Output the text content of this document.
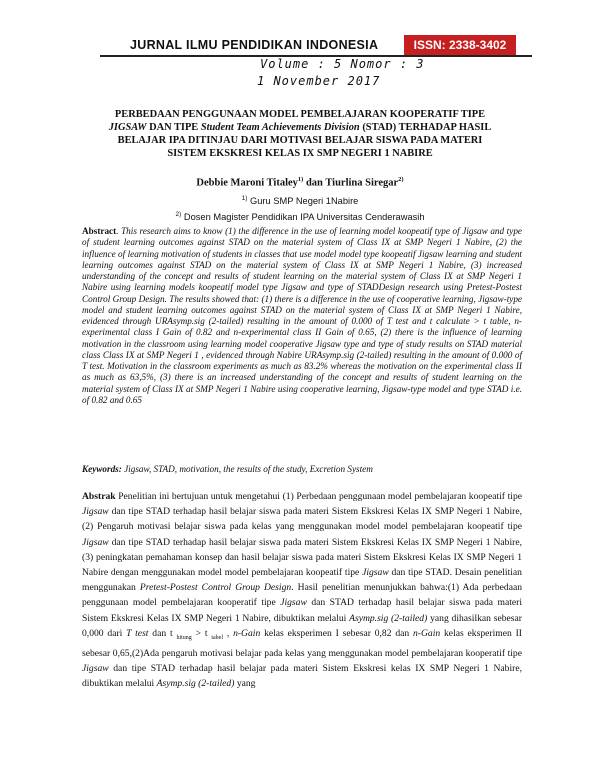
JURNAL ILMU PENDIDIKAN INDONESIA	ISSN: 2338-3402
Volume : 5 Nomor : 3
1 November 2017
PERBEDAAN PENGGUNAAN MODEL PEMBELAJARAN KOOPERATIF TIPE
JIGSAW DAN TIPE Student Team Achievements Division (STAD) TERHADAP HASIL
BELAJAR IPA DITINJAU DARI MOTIVASI BELAJAR SISWA PADA MATERI
SISTEM EKSKRESI KELAS IX SMP NEGERI 1 NABIRE
Debbie Maroni Titaley$^{1)}$ dan Tiurlina Siregar$^{2)}$
$^{1)}$ Guru SMP Negeri 1Nabire
$^{2)}$ Dosen Magister Pendidikan IPA Universitas Cenderawasih
Abstract. This research aims to know (1) the difference in the use of learning model koopeatif type of Jigsaw and type of student learning outcomes against STAD on the material system of Class IX at SMP Negeri 1 Nabire, (2) the influence of learning motivation of students in classes that use model model type koopeatif Jigsaw learning and student learning outcomes against STAD on the material system of Class IX at SMP Negeri 1 Nabire, (3) increased understanding of the concept and results of student learning on the material system of Class IX at SMP Negeri 1 Nabire using learning models koopeatif model type Jigsaw and type of STADDesign research using Pretest-Postest Control Group Design. The results showed that: (1) there is a difference in the use of cooperative learning, Jigsaw-type model and student learning outcomes against STAD on the material system of Class IX at SMP Negeri 1 Nabire, evidenced through URAsymp.sig (2-tailed) resulting in the amount of 0.000 of T test and t calculate > t table, n-experimental class I Gain of 0.82 and n-experimental class II Gain of 0.65, (2) there is the influence of learning motivation in the classroom using learning model cooperative Jigsaw type and type of study results on STAD material class Class IX at SMP Negeri 1 , evidenced through Nabire URAsymp.sig (2-tailed) resulting in the amount of 0.000 of T test. Motivation in the classroom experiments as much as 83.2% whereas the motivation on the experimental class II as much as 63,5%, (3) there is an increased understanding of the concept and results of student learning on the material system of Class IX at SMP Negeri 1 Nabire using cooperative learning, Jigsaw-type model and type STAD i.e. of 0.82 and 0.65
Keywords: Jigsaw, STAD, motivation, the results of the study, Excretion System
Abstrak Penelitian ini bertujuan untuk mengetahui (1) Perbedaan penggunaan model pembelajaran koopeatif tipe Jigsaw dan tipe STAD terhadap hasil belajar siswa pada materi Sistem Ekskresi Kelas IX SMP Negeri 1 Nabire, (2) Pengaruh motivasi belajar siswa pada kelas yang menggunakan model model pembelajaran koopeatif tipe Jigsaw dan tipe STAD terhadap hasil belajar siswa pada materi Sistem Ekskresi Kelas IX SMP Negeri 1 Nabire, (3) peningkatan pemahaman konsep dan hasil belajar siswa pada materi Sistem Ekskresi Kelas IX SMP Negeri 1 Nabire dengan menggunakan model model pembelajaran koopeatif tipe Jigsaw dan tipe STAD. Desain penelitian menggunakan Pretest-Postest Control Group Design. Hasil penelitian menunjukkan bahwa:(1) Ada perbedaan penggunaan model pembelajaran kooperatif tipe Jigsaw dan STAD terhadap hasil belajar siswa pada materi Sistem Ekskresi Kelas IX SMP Negeri 1 Nabire, dibuktikan melalui Asymp.sig (2-tailed) yang dihasilkan sebesar 0,000 dari T test dan t $_{hitung}$ > t $_{tabel}$ , n-Gain kelas eksperimen I sebesar 0,82 dan n-Gain kelas eksperimen II sebesar 0,65,(2)Ada pengaruh motivasi belajar pada kelas yang menggunakan model pembelajaran kooperatif tipe Jigsaw dan tipe STAD terhadap hasil belajar pada materi Sistem Ekskresi kelas IX SMP Negeri 1 Nabire, dibuktikan melalui Asymp.sig (2-tailed) yang
